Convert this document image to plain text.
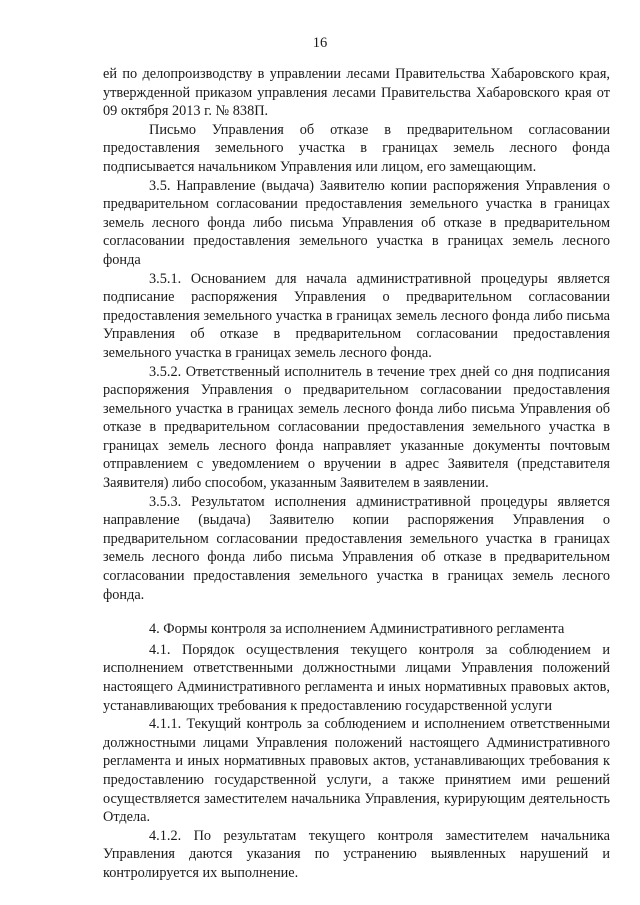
16

ей по делопроизводству в управлении лесами Правительства Хабаровского края, утвержденной приказом управления лесами Правительства Хабаровского края от 09 октября 2013 г. № 838П.

Письмо Управления об отказе в предварительном согласовании предоставления земельного участка в границах земель лесного фонда подписывается начальником Управления или лицом, его замещающим.

3.5. Направление (выдача) Заявителю копии распоряжения Управления о предварительном согласовании предоставления земельного участка в границах земель лесного фонда либо письма Управления об отказе в предварительном согласовании предоставления земельного участка в границах земель лесного фонда

3.5.1. Основанием для начала административной процедуры является подписание распоряжения Управления о предварительном согласовании предоставления земельного участка в границах земель лесного фонда либо письма Управления об отказе в предварительном согласовании предоставления земельного участка в границах земель лесного фонда.

3.5.2. Ответственный исполнитель в течение трех дней со дня подписания распоряжения Управления о предварительном согласовании предоставления земельного участка в границах земель лесного фонда либо письма Управления об отказе в предварительном согласовании предоставления земельного участка в границах земель лесного фонда направляет указанные документы почтовым отправлением с уведомлением о вручении в адрес Заявителя (представителя Заявителя) либо способом, указанным Заявителем в заявлении.

3.5.3. Результатом исполнения административной процедуры является направление (выдача) Заявителю копии распоряжения Управления о предварительном согласовании предоставления земельного участка в границах земель лесного фонда либо письма Управления об отказе в предварительном согласовании предоставления земельного участка в границах земель лесного фонда.

4. Формы контроля за исполнением Административного регламента

4.1. Порядок осуществления текущего контроля за соблюдением и исполнением ответственными должностными лицами Управления положений настоящего Административного регламента и иных нормативных правовых актов, устанавливающих требования к предоставлению государственной услуги

4.1.1. Текущий контроль за соблюдением и исполнением ответственными должностными лицами Управления положений настоящего Административного регламента и иных нормативных правовых актов, устанавливающих требования к предоставлению государственной услуги, а также принятием ими решений осуществляется заместителем начальника Управления, курирующим деятельность Отдела.

4.1.2. По результатам текущего контроля заместителем начальника Управления даются указания по устранению выявленных нарушений и контролируется их выполнение.
